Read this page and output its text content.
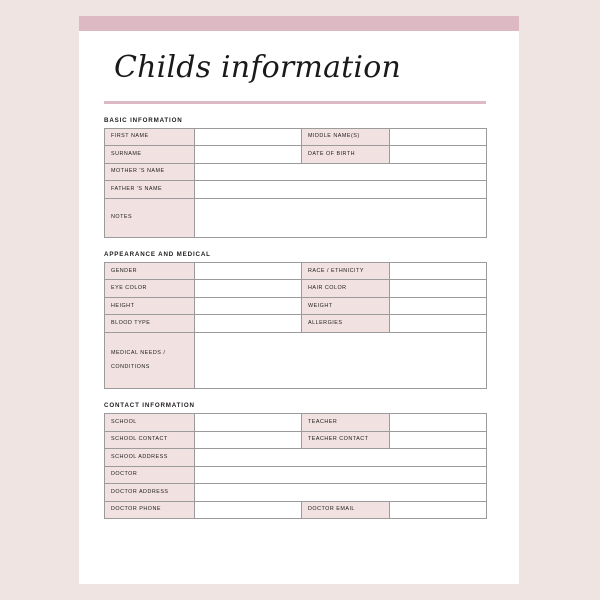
Childs information
BASIC INFORMATION
FIRST NAME		MIDDLE NAME(S)	
SURNAME		DATE OF BIRTH	
MOTHER 'S NAME			
FATHER 'S NAME			
NOTES			
APPEARANCE AND MEDICAL
GENDER		RACE / ETHNICITY	
EYE COLOR		HAIR COLOR	
HEIGHT		WEIGHT	
BLOOD TYPE		ALLERGIES	

MEDICAL NEEDS /
CONDITIONS			

CONTACT INFORMATION
SCHOOL		TEACHER	
SCHOOL CONTACT		TEACHER CONTACT	
SCHOOL ADDRESS			
DOCTOR			
DOCTOR ADDRESS			
DOCTOR PHONE		DOCTOR EMAIL	
